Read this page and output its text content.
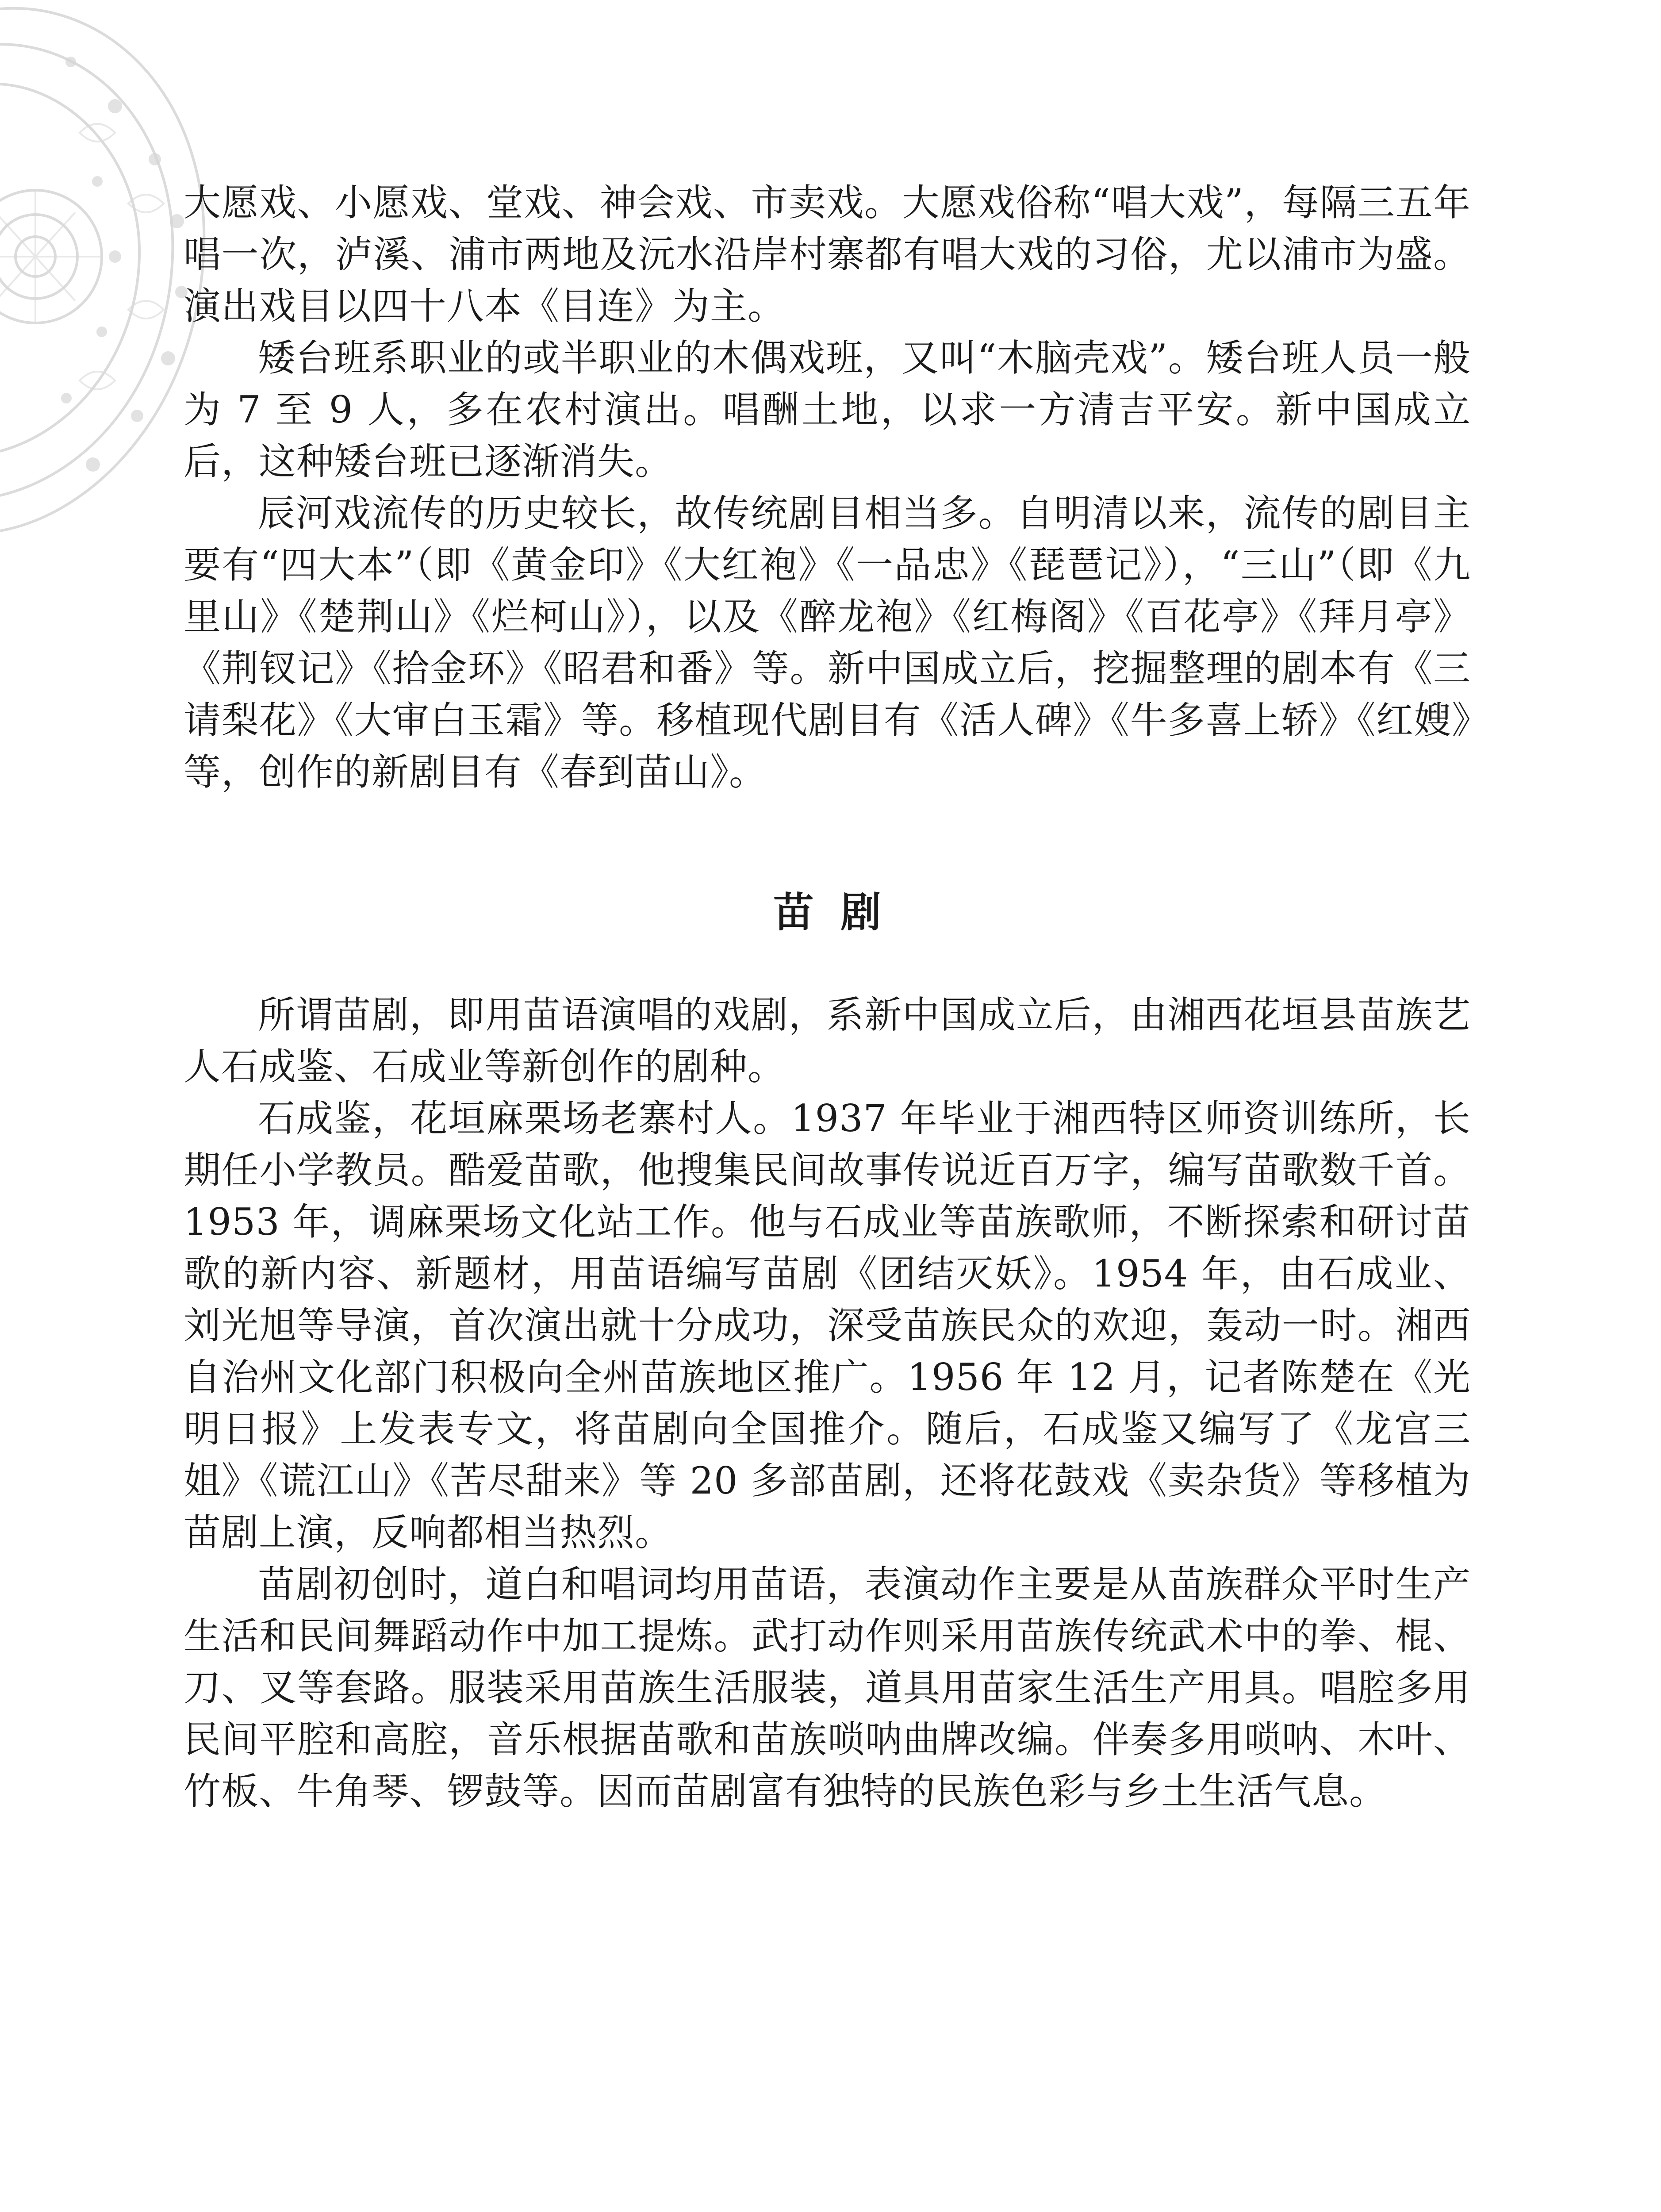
大愿戏、小愿戏、堂戏、神会戏、市卖戏。大愿戏俗称“唱大戏”，每隔三五年唱一次，泸溪、浦市两地及沅水沿岸村寨都有唱大戏的习俗，尤以浦市为盛。演出戏目以四十八本《目连》为主。

矮台班系职业的或半职业的木偶戏班，又叫“木脑壳戏”。矮台班人员一般为 7 至 9 人，多在农村演出。唱酬土地，以求一方清吉平安。新中国成立后，这种矮台班已逐渐消失。

辰河戏流传的历史较长，故传统剧目相当多。自明清以来，流传的剧目主要有“四大本”（即《黄金印》《大红袍》《一品忠》《琵琶记》），“三山”（即《九里山》《楚荆山》《烂柯山》），以及《醉龙袍》《红梅阁》《百花亭》《拜月亭》《荆钗记》《拾金环》《昭君和番》等。新中国成立后，挖掘整理的剧本有《三请梨花》《大审白玉霜》等。移植现代剧目有《活人碑》《牛多喜上轿》《红嫂》等，创作的新剧目有《春到苗山》。

苗剧

所谓苗剧，即用苗语演唱的戏剧，系新中国成立后，由湘西花垣县苗族艺人石成鉴、石成业等新创作的剧种。

石成鉴，花垣麻栗场老寨村人。1937 年毕业于湘西特区师资训练所，长期任小学教员。酷爱苗歌，他搜集民间故事传说近百万字，编写苗歌数千首。1953 年，调麻栗场文化站工作。他与石成业等苗族歌师，不断探索和研讨苗歌的新内容、新题材，用苗语编写苗剧《团结灭妖》。1954 年，由石成业、刘光旭等导演，首次演出就十分成功，深受苗族民众的欢迎，轰动一时。湘西自治州文化部门积极向全州苗族地区推广。1956 年 12 月，记者陈楚在《光明日报》上发表专文，将苗剧向全国推介。随后，石成鉴又编写了《龙宫三姐》《谎江山》《苦尽甜来》等 20 多部苗剧，还将花鼓戏《卖杂货》等移植为苗剧上演，反响都相当热烈。

苗剧初创时，道白和唱词均用苗语，表演动作主要是从苗族群众平时生产生活和民间舞蹈动作中加工提炼。武打动作则采用苗族传统武术中的拳、棍、刀、叉等套路。服装采用苗族生活服装，道具用苗家生活生产用具。唱腔多用民间平腔和高腔，音乐根据苗歌和苗族唢呐曲牌改编。伴奏多用唢呐、木叶、竹板、牛角琴、锣鼓等。因而苗剧富有独特的民族色彩与乡土生活气息。
